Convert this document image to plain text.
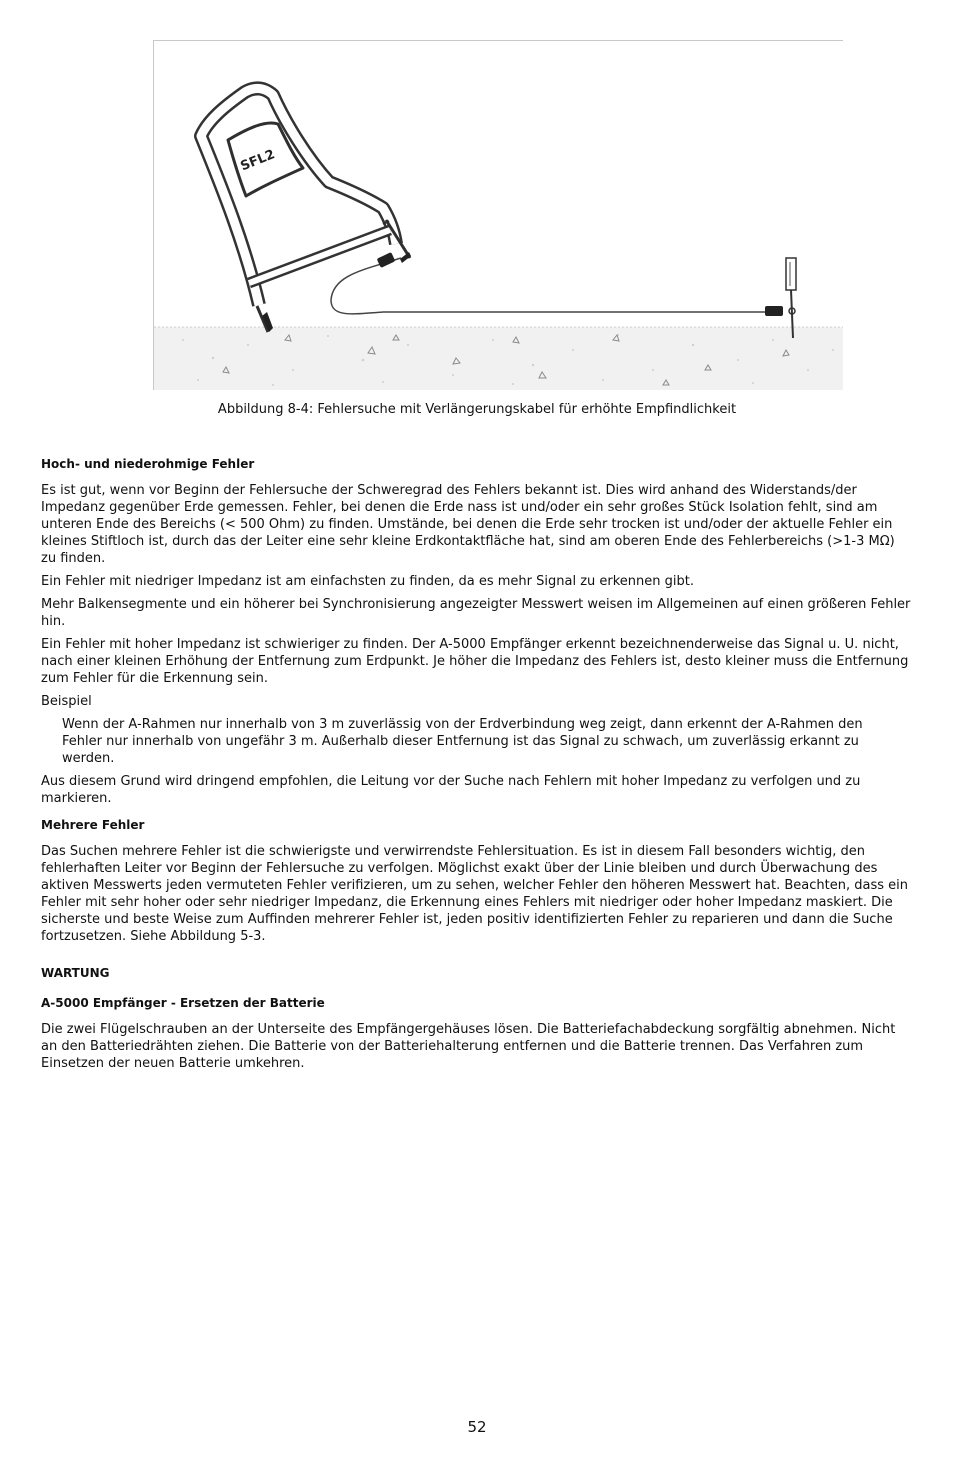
SFL2
Abbildung 8-4: Fehlersuche mit Verlängerungskabel für erhöhte Empfindlichkeit
Hoch- und niederohmige Fehler

Es ist gut, wenn vor Beginn der Fehlersuche der Schweregrad des Fehlers bekannt ist. Dies wird anhand des Widerstands/der Impedanz gegenüber Erde gemessen. Fehler, bei denen die Erde nass ist und/oder ein sehr großes Stück Isolation fehlt, sind am unteren Ende des Bereichs (< 500 Ohm) zu finden. Umstände, bei denen die Erde sehr trocken ist und/oder der aktuelle Fehler ein kleines Stiftloch ist, durch das der Leiter eine sehr kleine Erdkontaktfläche hat, sind am oberen Ende des Fehlerbereichs (>1-3 MΩ) zu finden.

Ein Fehler mit niedriger Impedanz ist am einfachsten zu finden, da es mehr Signal zu erkennen gibt.

Mehr Balkensegmente und ein höherer bei Synchronisierung angezeigter Messwert weisen im Allgemeinen auf einen größeren Fehler hin.

Ein Fehler mit hoher Impedanz ist schwieriger zu finden. Der A-5000 Empfänger erkennt bezeichnenderweise das Signal u. U. nicht, nach einer kleinen Erhöhung der Entfernung zum Erdpunkt. Je höher die Impedanz des Fehlers ist, desto kleiner muss die Entfernung zum Fehler für die Erkennung sein.

Beispiel

Wenn der A-Rahmen nur innerhalb von 3 m zuverlässig von der Erdverbindung weg zeigt, dann erkennt der A-Rahmen den Fehler nur innerhalb von ungefähr 3 m. Außerhalb dieser Entfernung ist das Signal zu schwach, um zuverlässig erkannt zu werden.

Aus diesem Grund wird dringend empfohlen, die Leitung vor der Suche nach Fehlern mit hoher Impedanz zu verfolgen und zu markieren.

Mehrere Fehler

Das Suchen mehrere Fehler ist die schwierigste und verwirrendste Fehlersituation. Es ist in diesem Fall besonders wichtig, den fehlerhaften Leiter vor Beginn der Fehlersuche zu verfolgen. Möglichst exakt über der Linie bleiben und durch Überwachung des aktiven Messwerts jeden vermuteten Fehler verifizieren, um zu sehen, welcher Fehler den höheren Messwert hat. Beachten, dass ein Fehler mit sehr hoher oder sehr niedriger Impedanz, die Erkennung eines Fehlers mit niedriger oder hoher Impedanz maskiert. Die sicherste und beste Weise zum Auffinden mehrerer Fehler ist, jeden positiv identifizierten Fehler zu reparieren und dann die Suche fortzusetzen. Siehe Abbildung 5-3.

WARTUNG
A-5000 Empfänger - Ersetzen der Batterie

Die zwei Flügelschrauben an der Unterseite des Empfängergehäuses lösen. Die Batteriefachabdeckung sorgfältig abnehmen. Nicht an den Batteriedrähten ziehen. Die Batterie von der Batteriehalterung entfernen und die Batterie trennen. Das Verfahren zum Einsetzen der neuen Batterie umkehren.

52
